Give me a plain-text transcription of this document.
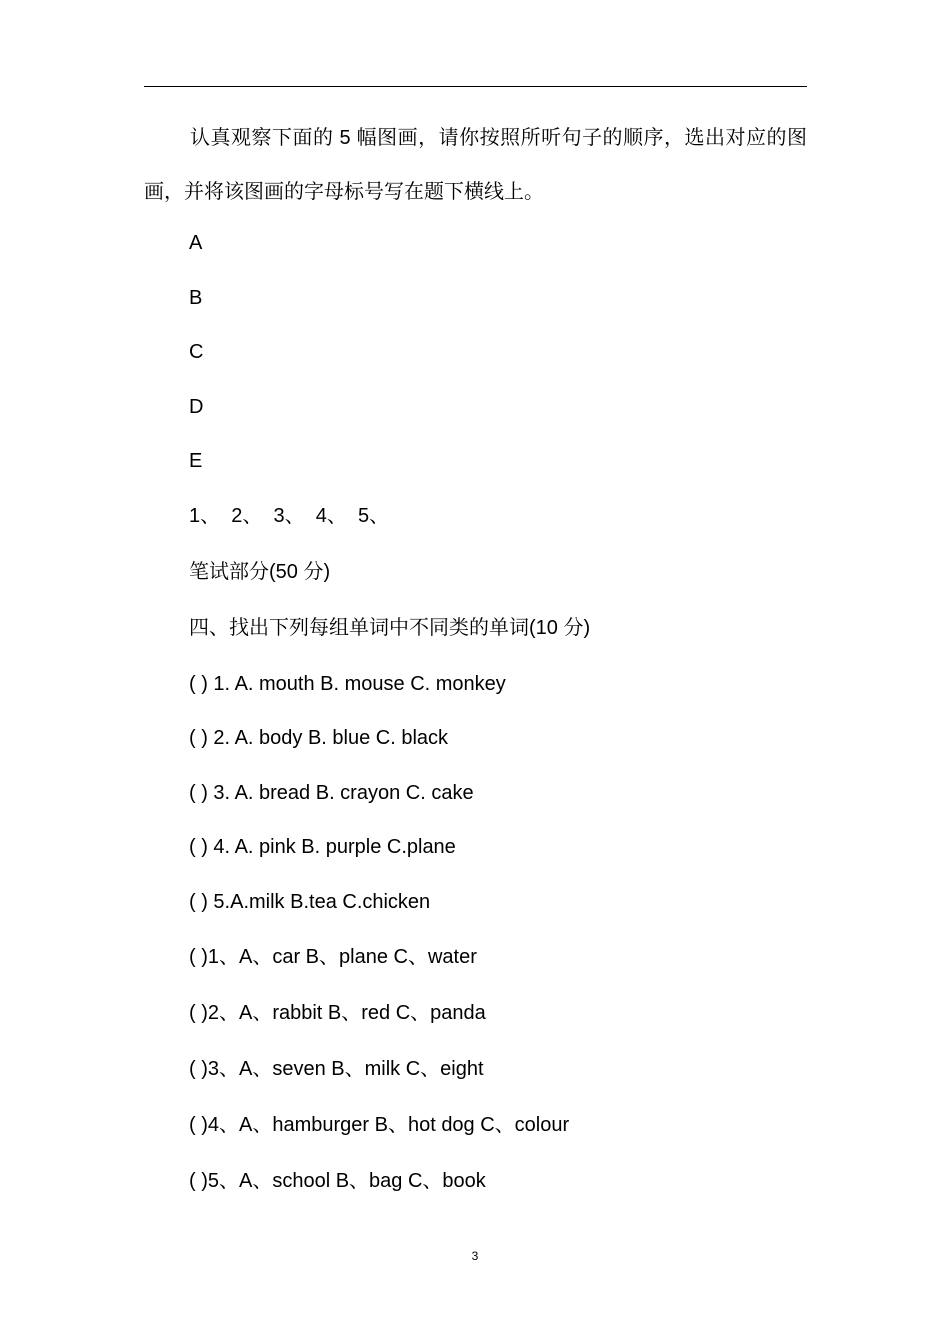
认真观察下面的 5 幅图画，请你按照所听句子的顺序，选出对应的图画，并将该图画的字母标号写在题下横线上。

A

B

C

D

E

1、  2、  3、  4、  5、

笔试部分(50 分)

四、找出下列每组单词中不同类的单词(10 分)

( ) 1. A. mouth B. mouse C. monkey

( ) 2. A. body B. blue C. black

( ) 3. A. bread B. crayon C. cake

( ) 4. A. pink B. purple C.plane

( ) 5.A.milk B.tea C.chicken

( )1、A、car B、plane C、water

( )2、A、rabbit B、red C、panda

( )3、A、seven B、milk C、eight

( )4、A、hamburger B、hot dog C、colour

( )5、A、school B、bag C、book

3
